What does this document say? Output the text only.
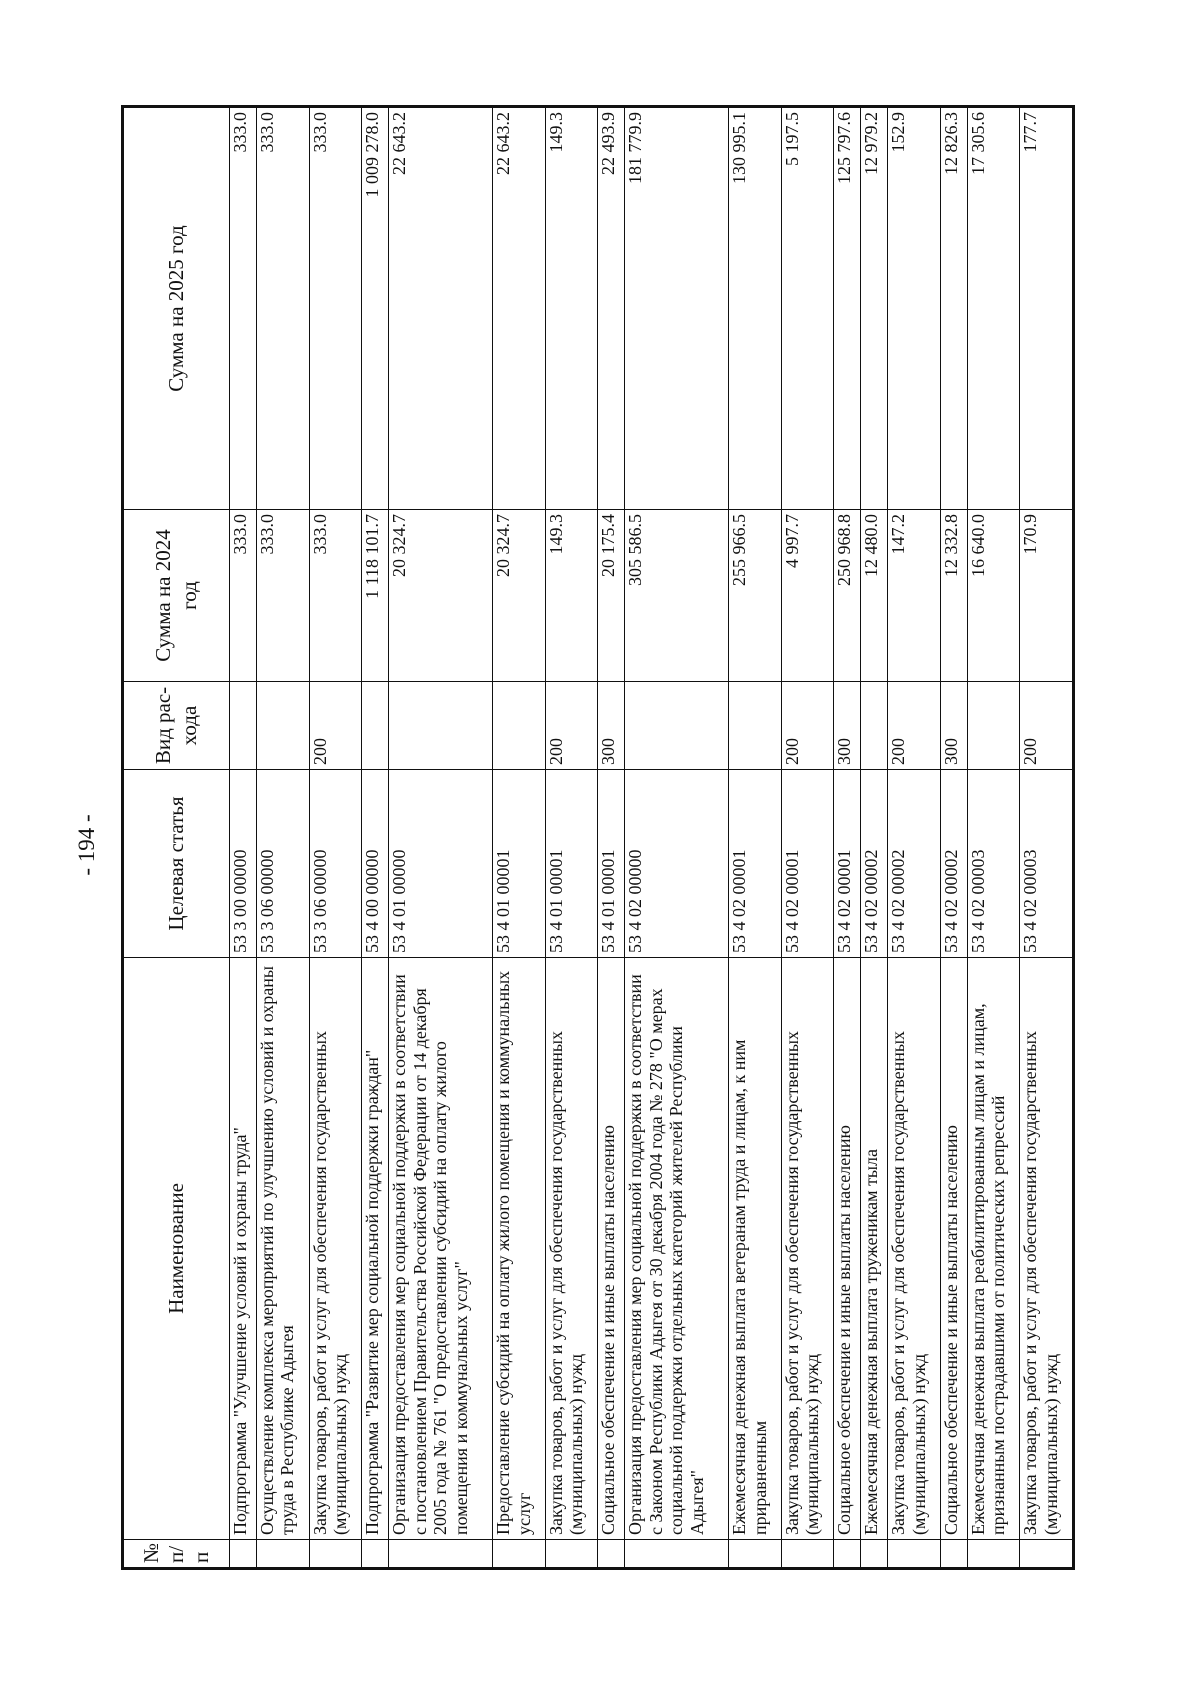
- 194 -
№ п/п	Наименование	Целевая статья	Вид рас-хода	Сумма на 2024 год	Сумма на 2025 год
	Подпрограмма "Улучшение условий и охраны труда"	53 3 00 00000		333.0	333.0
	Осуществление комплекса мероприятий по улучшению условий и охраны труда в Республике Адыгея	53 3 06 00000		333.0	333.0
	Закупка товаров, работ и услуг для обеспечения государственных (муниципальных) нужд	53 3 06 00000	200	333.0	333.0
	Подпрограмма "Развитие мер социальной поддержки граждан"	53 4 00 00000		1 118 101.7	1 009 278.0
	Организация предоставления мер социальной поддержки в соответствии с постановлением Правительства Российской Федерации от 14 декабря 2005 года № 761 "О предоставлении субсидий на оплату жилого помещения и коммунальных услуг"	53 4 01 00000		20 324.7	22 643.2
	Предоставление субсидий на оплату жилого помещения и коммунальных услуг	53 4 01 00001		20 324.7	22 643.2
	Закупка товаров, работ и услуг для обеспечения государственных (муниципальных) нужд	53 4 01 00001	200	149.3	149.3
	Социальное обеспечение и иные выплаты населению	53 4 01 00001	300	20 175.4	22 493.9
	Организация предоставления мер социальной поддержки в соответствии с Законом Республики Адыгея от 30 декабря 2004 года № 278 "О мерах социальной поддержки отдельных категорий жителей Республики Адыгея"	53 4 02 00000		305 586.5	181 779.9
	Ежемесячная денежная выплата ветеранам труда и лицам, к ним приравненным	53 4 02 00001		255 966.5	130 995.1
	Закупка товаров, работ и услуг для обеспечения государственных (муниципальных) нужд	53 4 02 00001	200	4 997.7	5 197.5
	Социальное обеспечение и иные выплаты населению	53 4 02 00001	300	250 968.8	125 797.6
	Ежемесячная денежная выплата труженикам тыла	53 4 02 00002		12 480.0	12 979.2
	Закупка товаров, работ и услуг для обеспечения государственных (муниципальных) нужд	53 4 02 00002	200	147.2	152.9
	Социальное обеспечение и иные выплаты населению	53 4 02 00002	300	12 332.8	12 826.3
	Ежемесячная денежная выплата реабилитированным лицам и лицам, признанным пострадавшими от политических репрессий	53 4 02 00003		16 640.0	17 305.6
	Закупка товаров, работ и услуг для обеспечения государственных (муниципальных) нужд	53 4 02 00003	200	170.9	177.7
